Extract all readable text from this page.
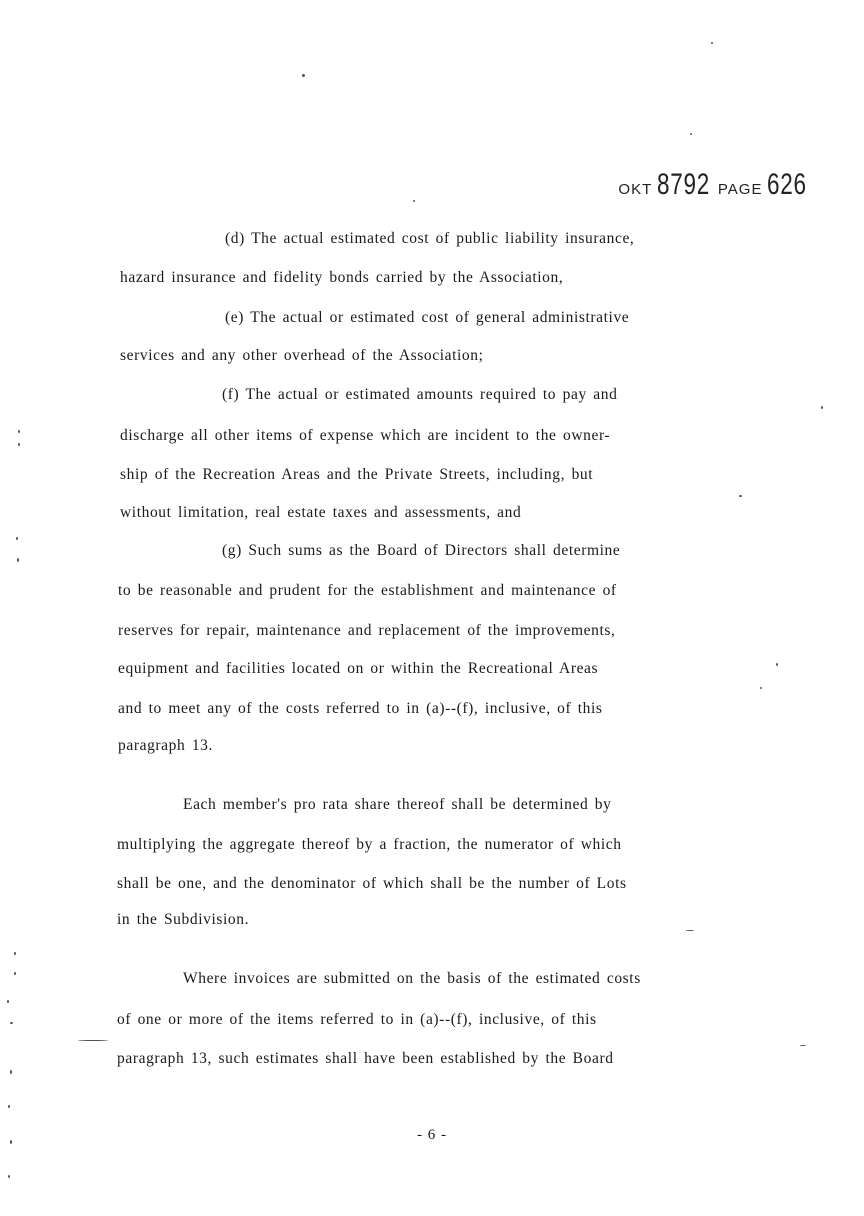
OKT 8792 PAGE 626
(d) The actual estimated cost of public liability insurance,
hazard insurance and fidelity bonds carried by the Association,
(e) The actual or estimated cost of general administrative
services and any other overhead of the Association;
(f) The actual or estimated amounts required to pay and
discharge all other items of expense which are incident to the owner-
ship of the Recreation Areas and the Private Streets, including, but
without limitation, real estate taxes and assessments, and
(g) Such sums as the Board of Directors shall determine
to be reasonable and prudent for the establishment and maintenance of
reserves for repair, maintenance and replacement of the improvements,
equipment and facilities located on or within the Recreational Areas
and to meet any of the costs referred to in (a)--(f), inclusive, of this
paragraph 13.
Each member's pro rata share thereof shall be determined by
multiplying the aggregate thereof by a fraction, the numerator of which
shall be one, and the denominator of which shall be the number of Lots
in the Subdivision.
Where invoices are submitted on the basis of the estimated costs
of one or more of the items referred to in (a)--(f), inclusive, of this
paragraph 13, such estimates shall have been established by the Board
- 6 -
